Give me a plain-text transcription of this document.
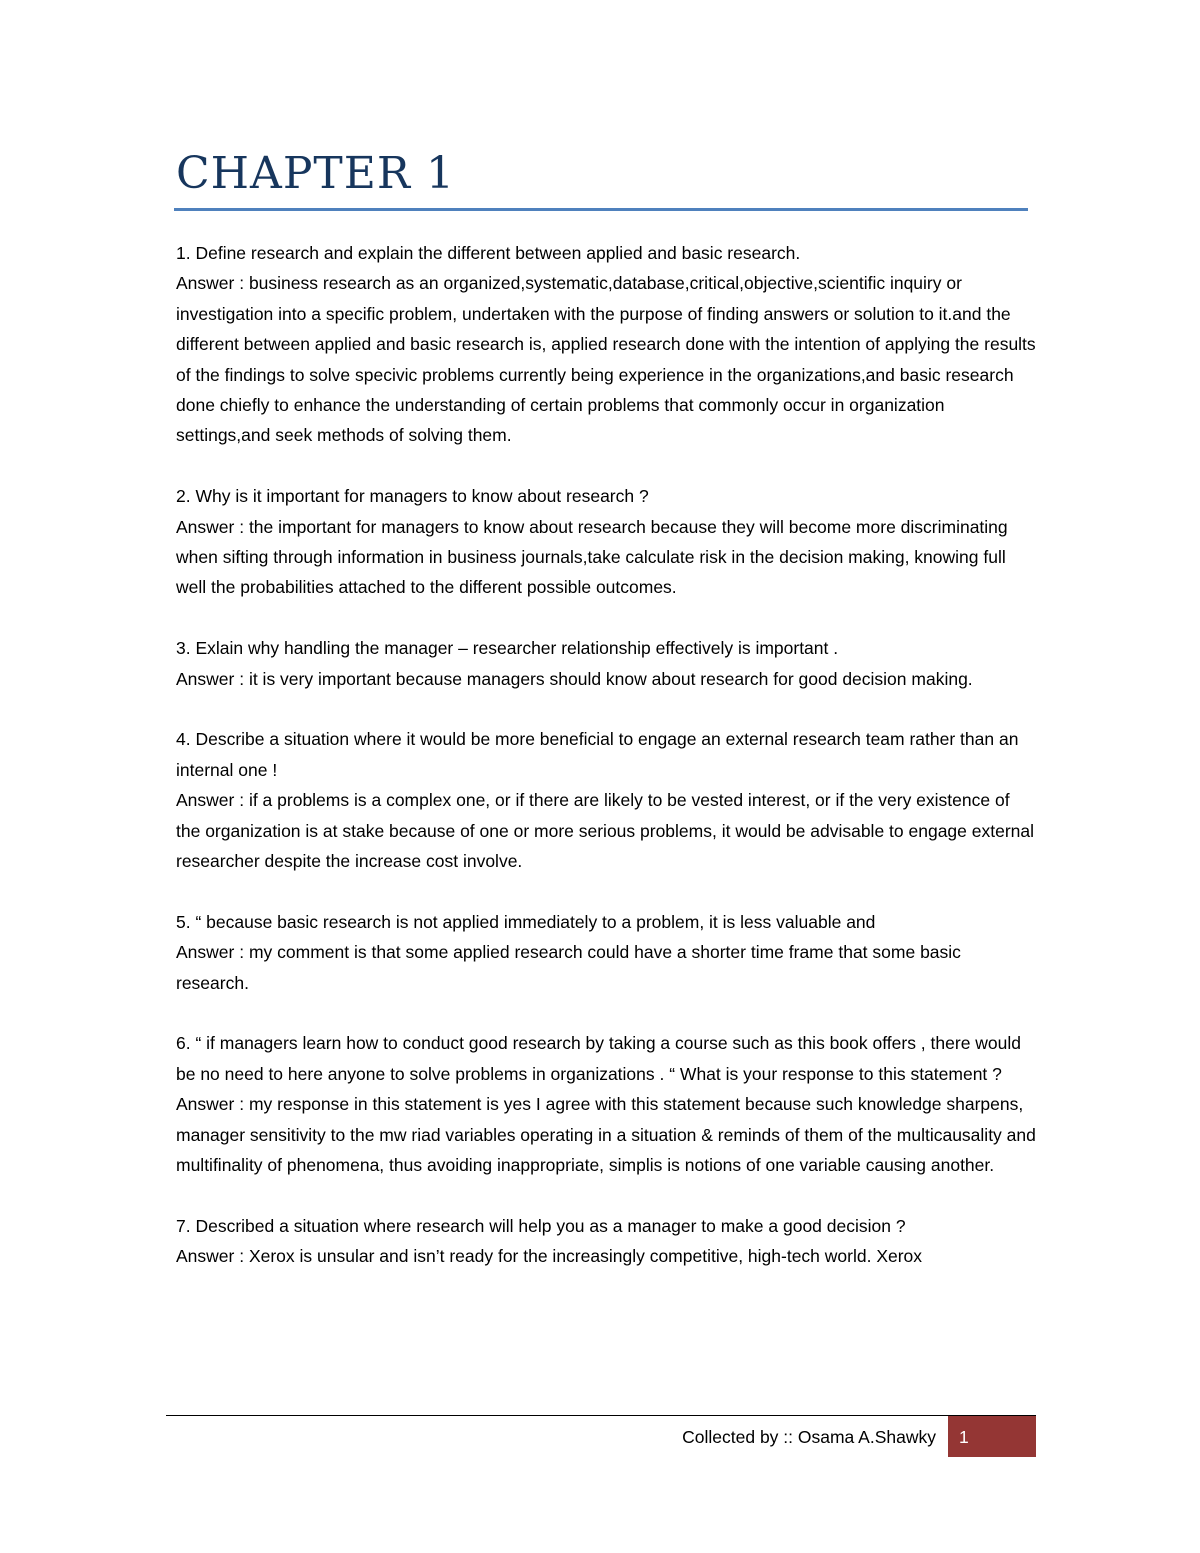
CHAPTER 1

1. Define research and explain the different between applied and basic research.

Answer : business research as an organized,systematic,database,critical,objective,scientific inquiry or investigation into a specific problem, undertaken with the purpose of finding answers or solution to it.and the different between applied and basic research is, applied research done with the intention of applying the results of the findings to solve specivic problems currently being experience in the organizations,and basic research done chiefly to enhance the understanding of certain problems that commonly occur in organization settings,and seek methods of solving them.

2. Why is it important for managers to know about research ?

Answer : the important for managers to know about research because they will become more discriminating when sifting through information in business journals,take calculate risk in the decision making, knowing full well the probabilities attached to the different possible outcomes.

3. Exlain why handling the manager – researcher relationship effectively is important .

Answer : it is very important because managers should know about research for good decision making.

4. Describe a situation where it would be more beneficial to engage an external research team rather than an internal one !

Answer : if a problems is a complex one, or if there are likely to be vested interest, or if the very existence of the organization is at stake because of one or more serious problems, it would be advisable to engage external researcher despite the increase cost involve.

5. “ because basic research is not applied immediately to a problem, it is less valuable and

Answer : my comment is that some applied research could have a shorter time frame that some basic research.

6. “ if managers learn how to conduct good research by taking a course such as this book offers , there would be no need to here anyone to solve problems in organizations . “ What is your response to this statement ?

Answer : my response in this statement is yes I agree with this statement because such knowledge sharpens, manager sensitivity to the mw riad variables operating in a situation & reminds of them of the multicausality and multifinality of phenomena, thus avoiding inappropriate, simplis is notions of one variable causing another.

7. Described a situation where research will help you as a manager to make a good decision ?

Answer : Xerox is unsular and isn’t ready for the increasingly competitive, high-tech world. Xerox

Collected by :: Osama A.Shawky 1
